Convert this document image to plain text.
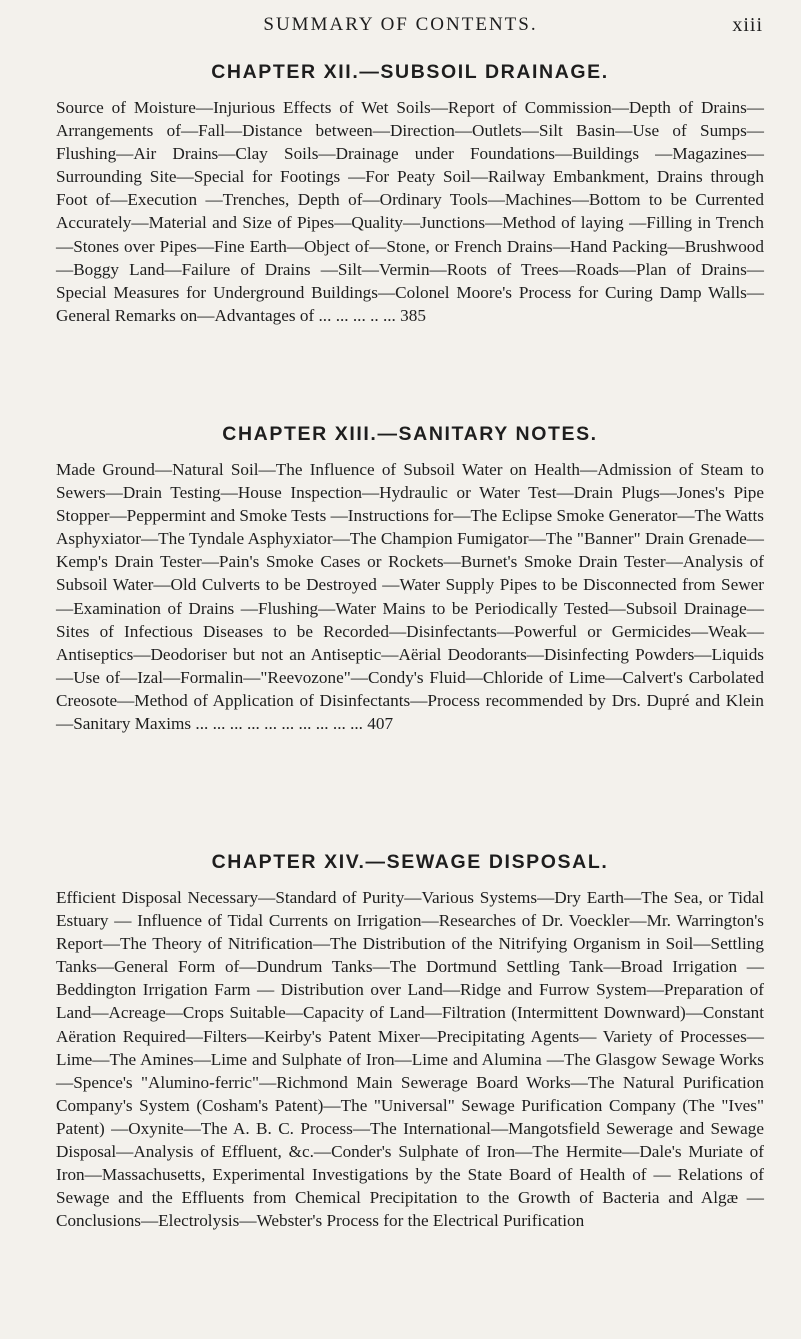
SUMMARY OF CONTENTS.	xiii
CHAPTER XII.—SUBSOIL DRAINAGE.

Source of Moisture—Injurious Effects of Wet Soils—Report of Commission—Depth of Drains—Arrangements of—Fall—Distance between—Direction—Outlets—Silt Basin—Use of Sumps—Flushing—Air Drains—Clay Soils—Drainage under Foundations—Buildings —Magazines—Surrounding Site—Special for Footings —For Peaty Soil—Railway Embankment, Drains through Foot of—Execution —Trenches, Depth of—Ordinary Tools—Machines—Bottom to be Currented Accurately—Material and Size of Pipes—Quality—Junctions—Method of laying —Filling in Trench—Stones over Pipes—Fine Earth—Object of—Stone, or French Drains—Hand Packing—Brushwood—Boggy Land—Failure of Drains —Silt—Vermin—Roots of Trees—Roads—Plan of Drains—Special Measures for Underground Buildings—Colonel Moore's Process for Curing Damp Walls—General Remarks on—Advantages of ... ... ... .. ... 385

CHAPTER XIII.—SANITARY NOTES.

Made Ground—Natural Soil—The Influence of Subsoil Water on Health—Admission of Steam to Sewers—Drain Testing—House Inspection—Hydraulic or Water Test—Drain Plugs—Jones's Pipe Stopper—Peppermint and Smoke Tests —Instructions for—The Eclipse Smoke Generator—The Watts Asphyxiator—The Tyndale Asphyxiator—The Champion Fumigator—The "Banner" Drain Grenade—Kemp's Drain Tester—Pain's Smoke Cases or Rockets—Burnet's Smoke Drain Tester—Analysis of Subsoil Water—Old Culverts to be Destroyed —Water Supply Pipes to be Disconnected from Sewer—Examination of Drains —Flushing—Water Mains to be Periodically Tested—Subsoil Drainage—Sites of Infectious Diseases to be Recorded—Disinfectants—Powerful or Germicides—Weak—Antiseptics—Deodoriser but not an Antiseptic—Aërial Deodorants—Disinfecting Powders—Liquids—Use of—Izal—Formalin—"Reevozone"—Condy's Fluid—Chloride of Lime—Calvert's Carbolated Creosote—Method of Application of Disinfectants—Process recommended by Drs. Dupré and Klein—Sanitary Maxims ... ... ... ... ... ... ... ... ... ... 407

CHAPTER XIV.—SEWAGE DISPOSAL.

Efficient Disposal Necessary—Standard of Purity—Various Systems—Dry Earth—The Sea, or Tidal Estuary — Influence of Tidal Currents on Irrigation—Researches of Dr. Voeckler—Mr. Warrington's Report—The Theory of Nitrification—The Distribution of the Nitrifying Organism in Soil—Settling Tanks—General Form of—Dundrum Tanks—The Dortmund Settling Tank—Broad Irrigation — Beddington Irrigation Farm — Distribution over Land—Ridge and Furrow System—Preparation of Land—Acreage—Crops Suitable—Capacity of Land—Filtration (Intermittent Downward)—Constant Aëration Required—Filters—Keirby's Patent Mixer—Precipitating Agents— Variety of Processes—Lime—The Amines—Lime and Sulphate of Iron—Lime and Alumina —The Glasgow Sewage Works—Spence's "Alumino-ferric"—Richmond Main Sewerage Board Works—The Natural Purification Company's System (Cosham's Patent)—The "Universal" Sewage Purification Company (The "Ives" Patent) —Oxynite—The A. B. C. Process—The International—Mangotsfield Sewerage and Sewage Disposal—Analysis of Effluent, &c.—Conder's Sulphate of Iron—The Hermite—Dale's Muriate of Iron—Massachusetts, Experimental Investigations by the State Board of Health of — Relations of Sewage and the Effluents from Chemical Precipitation to the Growth of Bacteria and Algæ —Conclusions—Electrolysis—Webster's Process for the Electrical Purification
